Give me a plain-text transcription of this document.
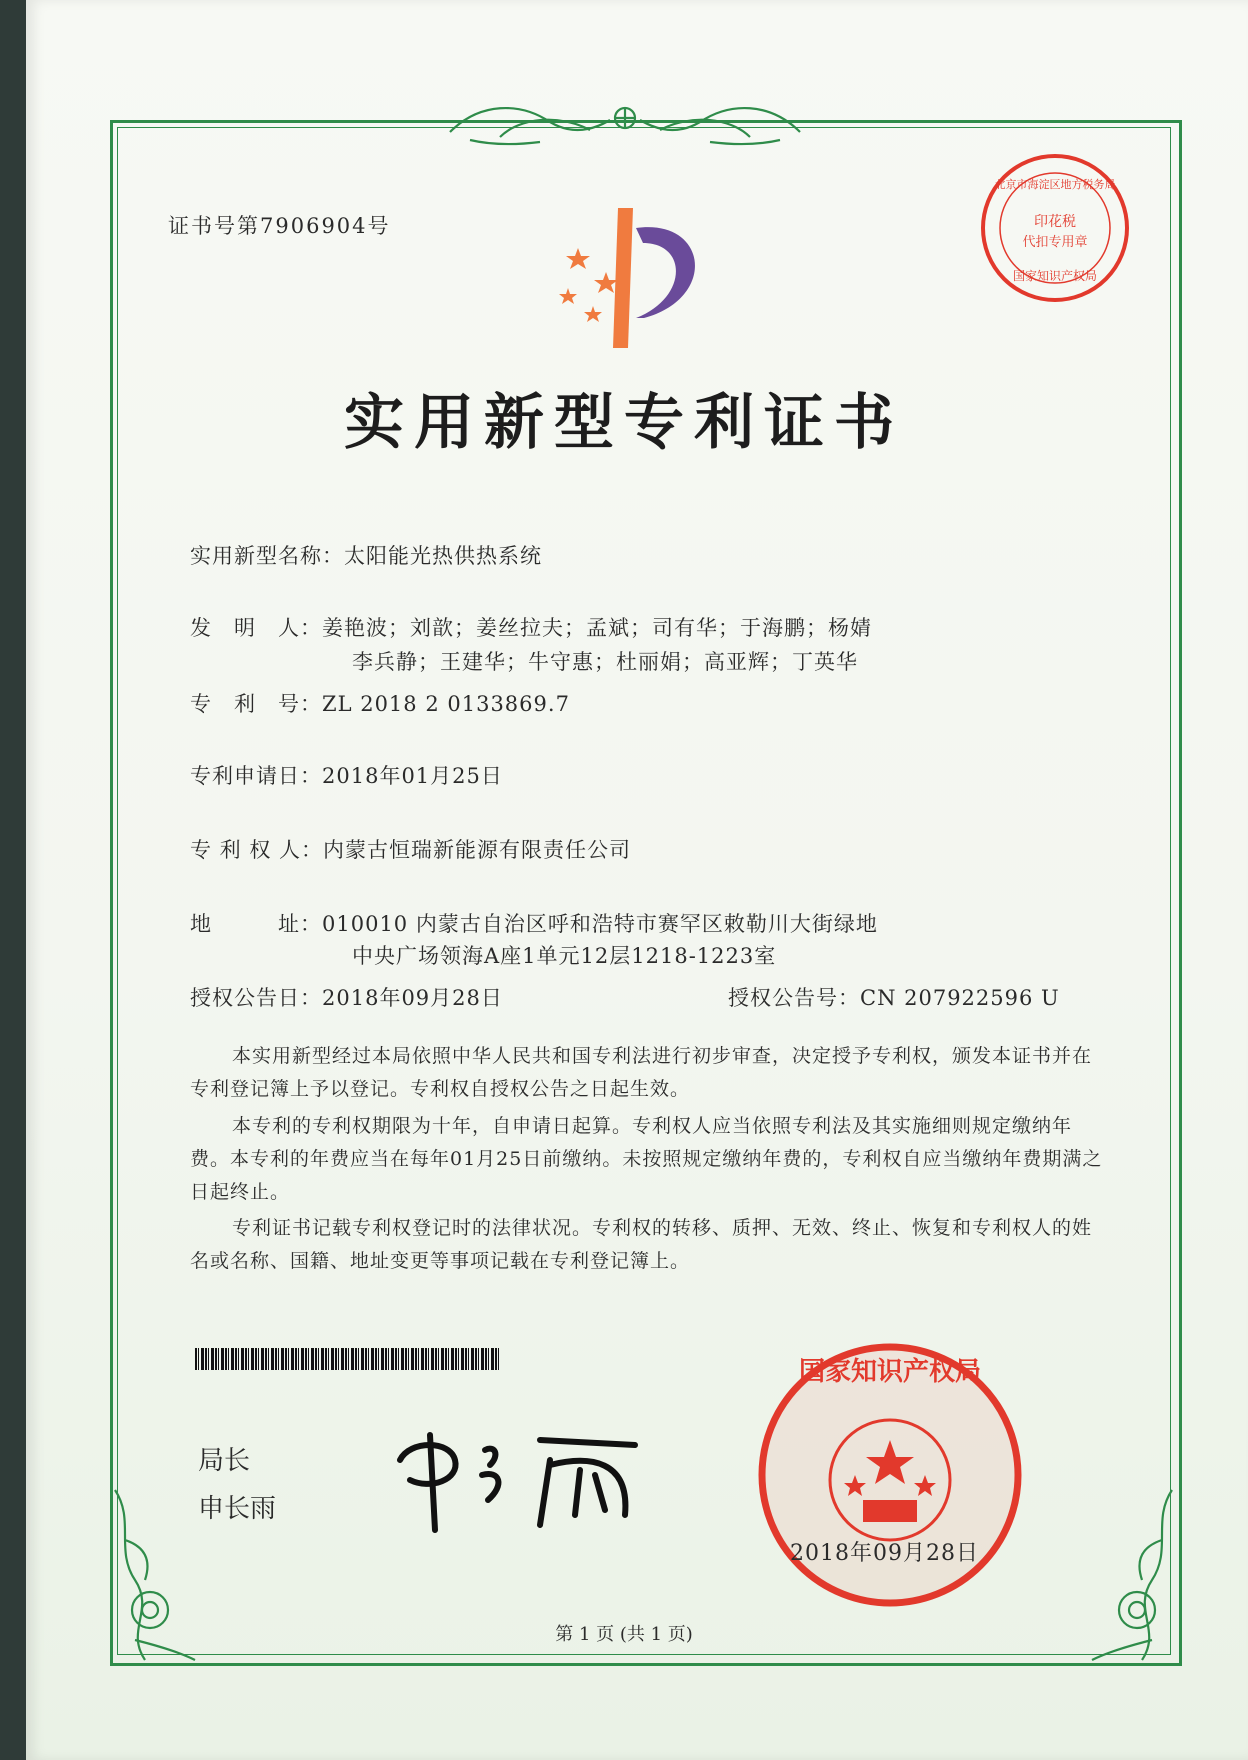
证书号第7906904号	印花税
代扣专用章
北京市海淀区地方税务局
国家知识产权局
实用新型专利证书
实用新型名称：太阳能光热供热系统
发　明　人：姜艳波；刘歆；姜丝拉夫；孟斌；司有华；于海鹏；杨婧
李兵静；王建华；牛守惠；杜丽娟；高亚辉；丁英华
专　利　号：ZL 2018 2 0133869.7
专利申请日：2018年01月25日
专 利 权 人：内蒙古恒瑞新能源有限责任公司
地　　　址：010010 内蒙古自治区呼和浩特市赛罕区敕勒川大街绿地
中央广场领海A座1单元12层1218-1223室
授权公告日：2018年09月28日	授权公告号：CN 207922596 U
本实用新型经过本局依照中华人民共和国专利法进行初步审查，决定授予专利权，颁发本证书并在专利登记簿上予以登记。专利权自授权公告之日起生效。
本专利的专利权期限为十年，自申请日起算。专利权人应当依照专利法及其实施细则规定缴纳年费。本专利的年费应当在每年01月25日前缴纳。未按照规定缴纳年费的，专利权自应当缴纳年费期满之日起终止。
专利证书记载专利权登记时的法律状况。专利权的转移、质押、无效、终止、恢复和专利权人的姓名或名称、国籍、地址变更等事项记载在专利登记簿上。
局长
申长雨
国家知识产权局
2018年09月28日
第 1 页 (共 1 页)
